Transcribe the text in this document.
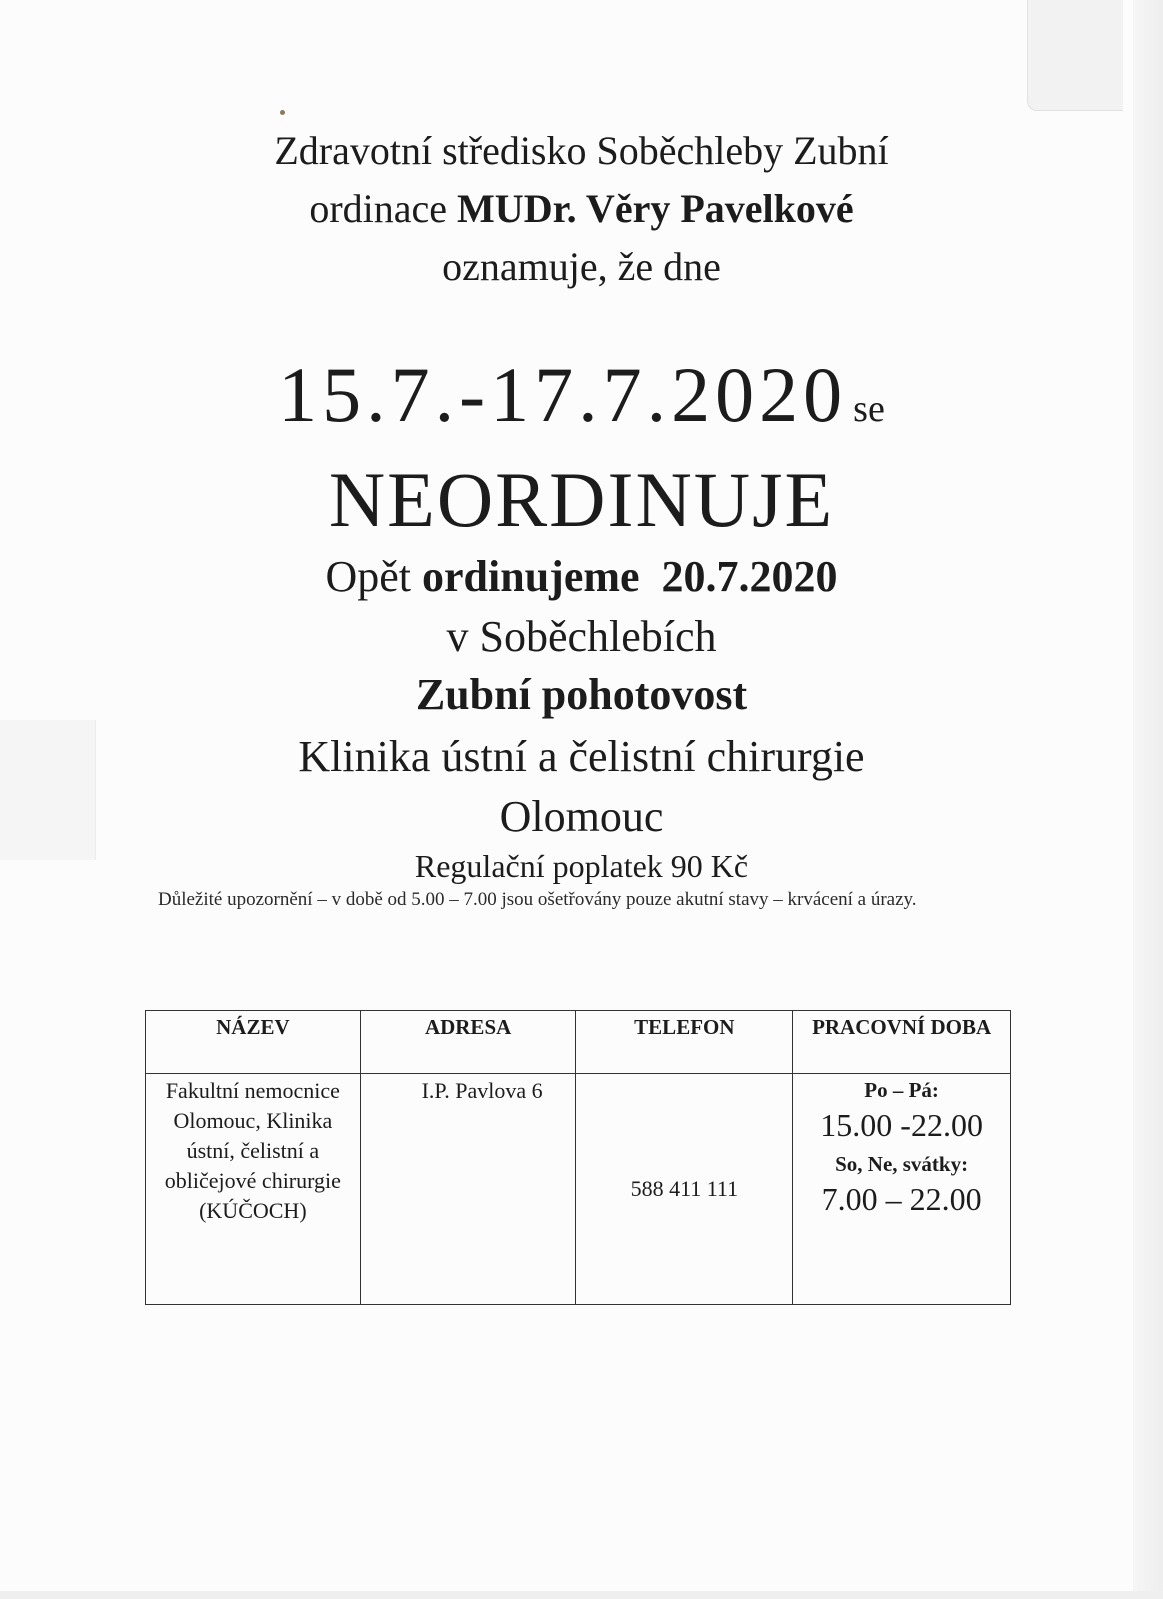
Zdravotní středisko Soběchleby Zubní
ordinace MUDr. Věry Pavelkové
oznamuje, že dne
15.7.-17.7.2020 se
NEORDINUJE
Opět ordinujeme  20.7.2020
v Soběchlebích
Zubní pohotovost
Klinika ústní a čelistní chirurgie
Olomouc
Regulační poplatek 90 Kč
Důležité upozornění – v době od 5.00 – 7.00 jsou ošetřovány pouze akutní stavy – krvácení a úrazy.
NÁZEV	ADRESA	TELEFON	PRACOVNÍ DOBA
Fakultní nemocnice Olomouc, Klinika ústní, čelistní a obličejové chirurgie (KÚČOCH)	I.P. Pavlova 6	588 411 111	Po – Pá:
15.00 -22.00
So, Ne, svátky:
7.00 – 22.00
